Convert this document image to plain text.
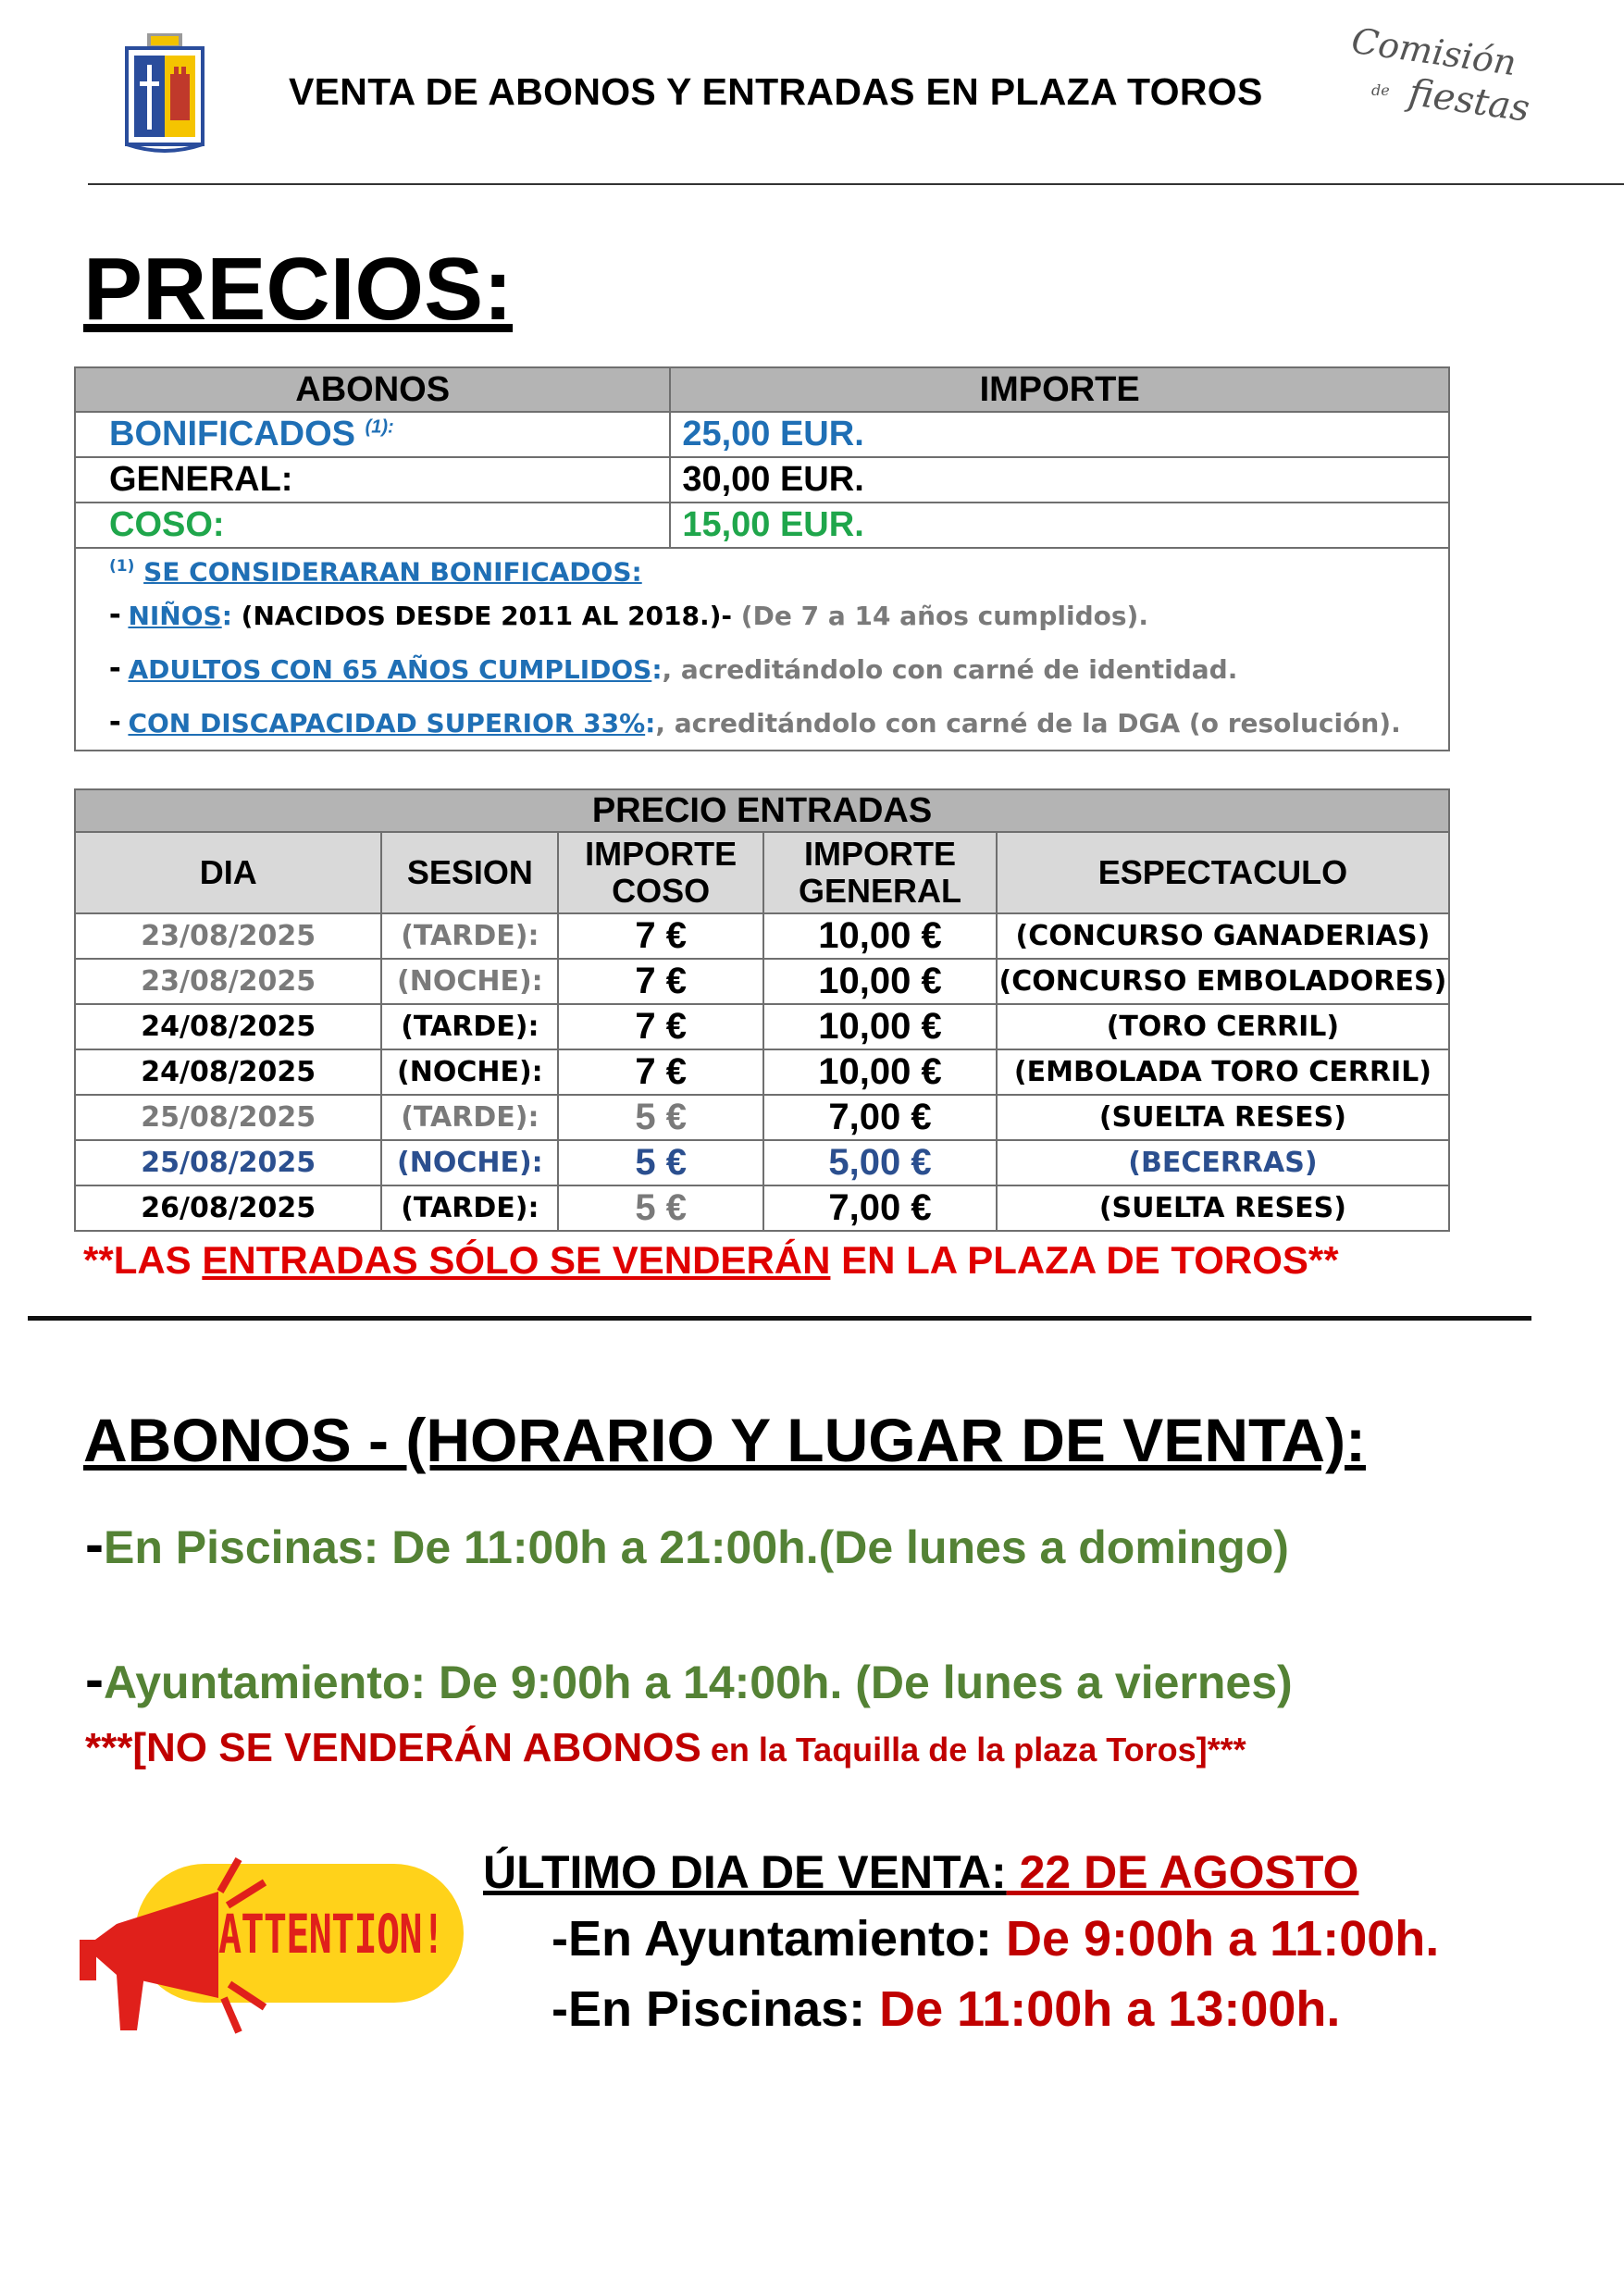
VENTA DE ABONOS Y ENTRADAS EN PLAZA TOROS
Comisión
de fiestas
PRECIOS:
ABONOS	IMPORTE
BONIFICADOS $^{(1):}$	25,00 EUR.
GENERAL:	30,00 EUR.
COSO:	15,00 EUR.

$^{(1)}$ SE CONSIDERARAN BONIFICADOS:
- NIÑOS: (NACIDOS DESDE 2011 AL 2018.)- (De 7 a 14 años cumplidos).
- ADULTOS CON 65 AÑOS CUMPLIDOS:, acreditándolo con carné de identidad.
- CON DISCAPACIDAD SUPERIOR 33%:, acreditándolo con carné de la DGA (o resolución).	
PRECIO ENTRADAS				
DIA	SESION	IMPORTE COSO	IMPORTE GENERAL	ESPECTACULO
23/08/2025	(TARDE):	7 €	10,00 €	(CONCURSO GANADERIAS)
23/08/2025	(NOCHE):	7 €	10,00 €	(CONCURSO EMBOLADORES)
24/08/2025	(TARDE):	7 €	10,00 €	(TORO CERRIL)
24/08/2025	(NOCHE):	7 €	10,00 €	(EMBOLADA TORO CERRIL)
25/08/2025	(TARDE):	5 €	7,00 €	(SUELTA RESES)
25/08/2025	(NOCHE):	5 €	5,00 €	(BECERRAS)
26/08/2025	(TARDE):	5 €	7,00 €	(SUELTA RESES)
**LAS ENTRADAS SÓLO SE VENDERÁN EN LA PLAZA DE TOROS**
ABONOS - (HORARIO Y LUGAR DE VENTA):
-En Piscinas: De 11:00h a 21:00h.(De lunes a domingo)
-Ayuntamiento: De 9:00h a 14:00h. (De lunes a viernes)
***[NO SE VENDERÁN ABONOS en la Taquilla de la plaza Toros]***
ATTENTION!
ÚLTIMO DIA DE VENTA: 22 DE AGOSTO
-En Ayuntamiento: De 9:00h a 11:00h.
-En Piscinas: De 11:00h a 13:00h.
